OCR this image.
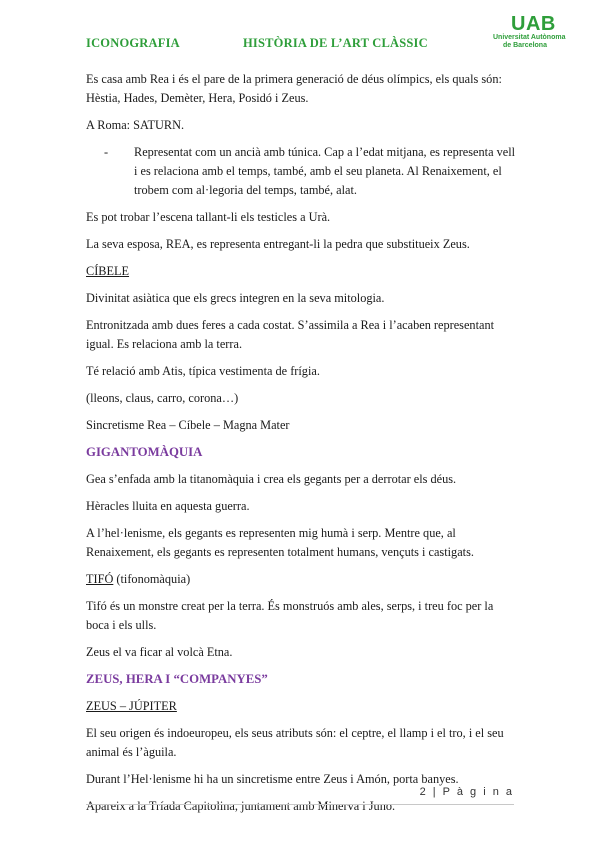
ICONOGRAFIA	HISTÒRIA DE L’ART CLÀSSIC
UAB
Universitat Autònoma
de Barcelona

Es casa amb Rea i és el pare de la primera generació de déus olímpics, els quals són: Hèstia, Hades, Demèter, Hera, Posidó i Zeus.

A Roma: SATURN.

-	Representat com un ancià amb túnica. Cap a l’edat mitjana, es representa vell i es relaciona amb el temps, també, amb el seu planeta. Al Renaixement, el trobem com al·legoria del temps, també, alat.

Es pot trobar l’escena tallant-li els testicles a Urà.

La seva esposa, REA, es representa entregant-li la pedra que substitueix Zeus.

CÍBELE

Divinitat asiàtica que els grecs integren en la seva mitologia.

Entronitzada amb dues feres a cada costat. S’assimila a Rea i l’acaben representant igual. Es relaciona amb la terra.

Té relació amb Atis, típica vestimenta de frígia.

(lleons, claus, carro, corona…)

Sincretisme Rea – Cíbele – Magna Mater

GIGANTOMÀQUIA

Gea s’enfada amb la titanomàquia i crea els gegants per a derrotar els déus.

Hèracles lluita en aquesta guerra.

A l’hel·lenisme, els gegants es representen mig humà i serp. Mentre que, al Renaixement, els gegants es representen totalment humans, vençuts i castigats.

TIFÓ (tifonomàquia)

Tifó és un monstre creat per la terra. És monstruós amb ales, serps, i treu foc per la boca i els ulls.

Zeus el va ficar al volcà Etna.

ZEUS, HERA I “COMPANYES”

ZEUS – JÚPITER

El seu origen és indoeuropeu, els seus atributs són: el ceptre, el llamp i el tro, i el seu animal és l’àguila.

Durant l’Hel·lenisme hi ha un sincretisme entre Zeus i Amón, porta banyes.

Apareix a la Tríada Capitolina, juntament amb Minerva i Juno.

2 | P à g i n a
